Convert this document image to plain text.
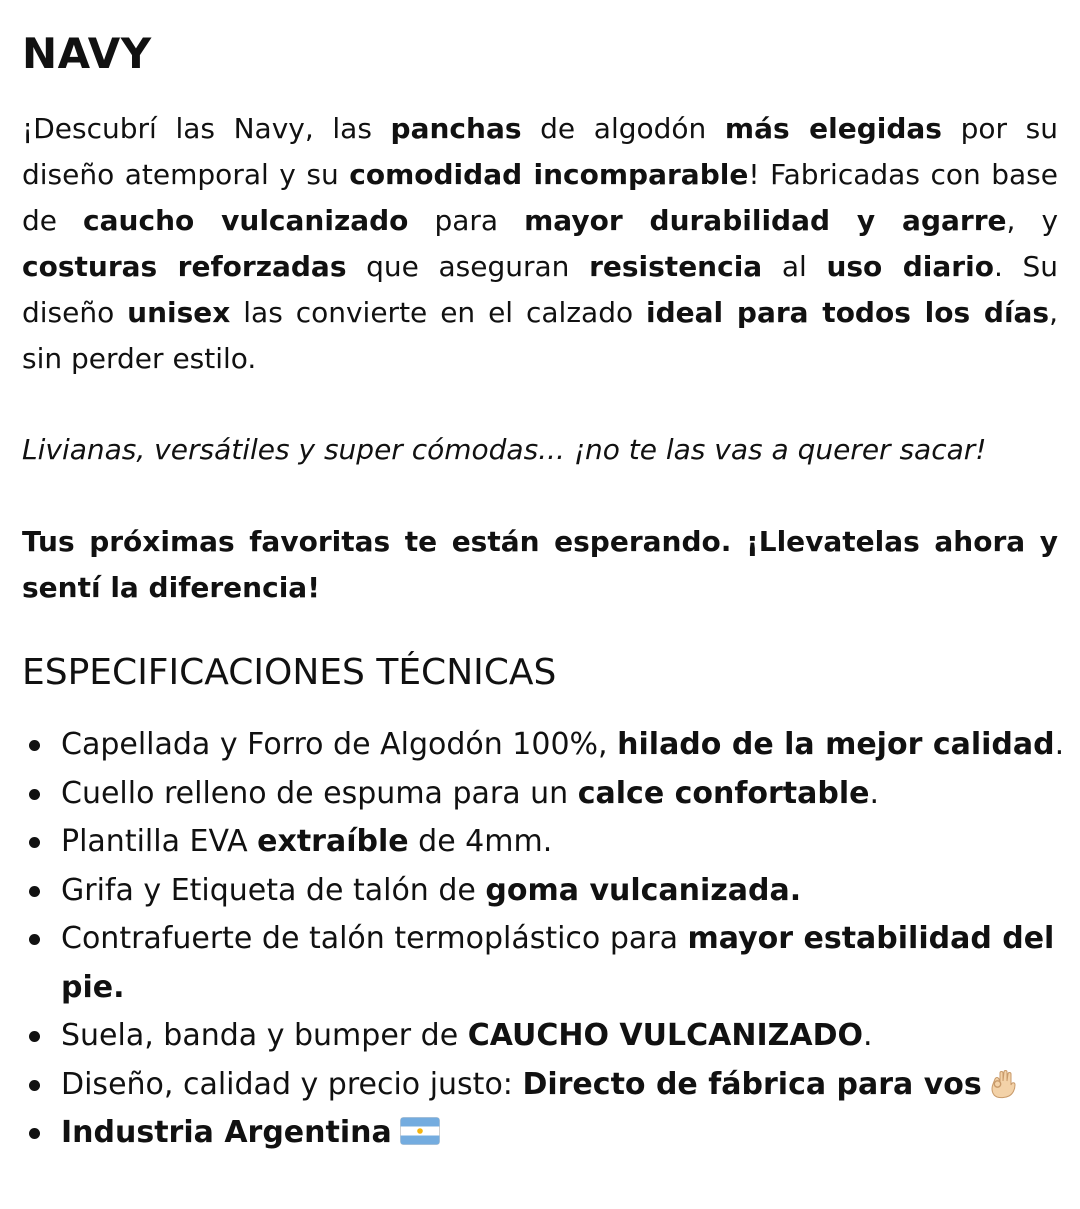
NAVY

¡Descubrí las Navy, las panchas de algodón más elegidas por su diseño atemporal y su comodidad incomparable! Fabricadas con base de caucho vulcanizado para mayor durabilidad y agarre, y costuras reforzadas que aseguran resistencia al uso diario. Su diseño unisex las convierte en el calzado ideal para todos los días, sin perder estilo.

Livianas, versátiles y super cómodas... ¡no te las vas a querer sacar!

Tus próximas favoritas te están esperando. ¡Llevatelas ahora y sentí la diferencia!

ESPECIFICACIONES TÉCNICAS
Capellada y Forro de Algodón 100%, hilado de la mejor calidad.
Cuello relleno de espuma para un calce confortable.
Plantilla EVA extraíble de 4mm.
Grifa y Etiqueta de talón de goma vulcanizada.
Contrafuerte de talón termoplástico para mayor estabilidad del pie.
Suela, banda y bumper de CAUCHO VULCANIZADO.
Diseño, calidad y precio justo: Directo de fábrica para vos
Industria Argentina
